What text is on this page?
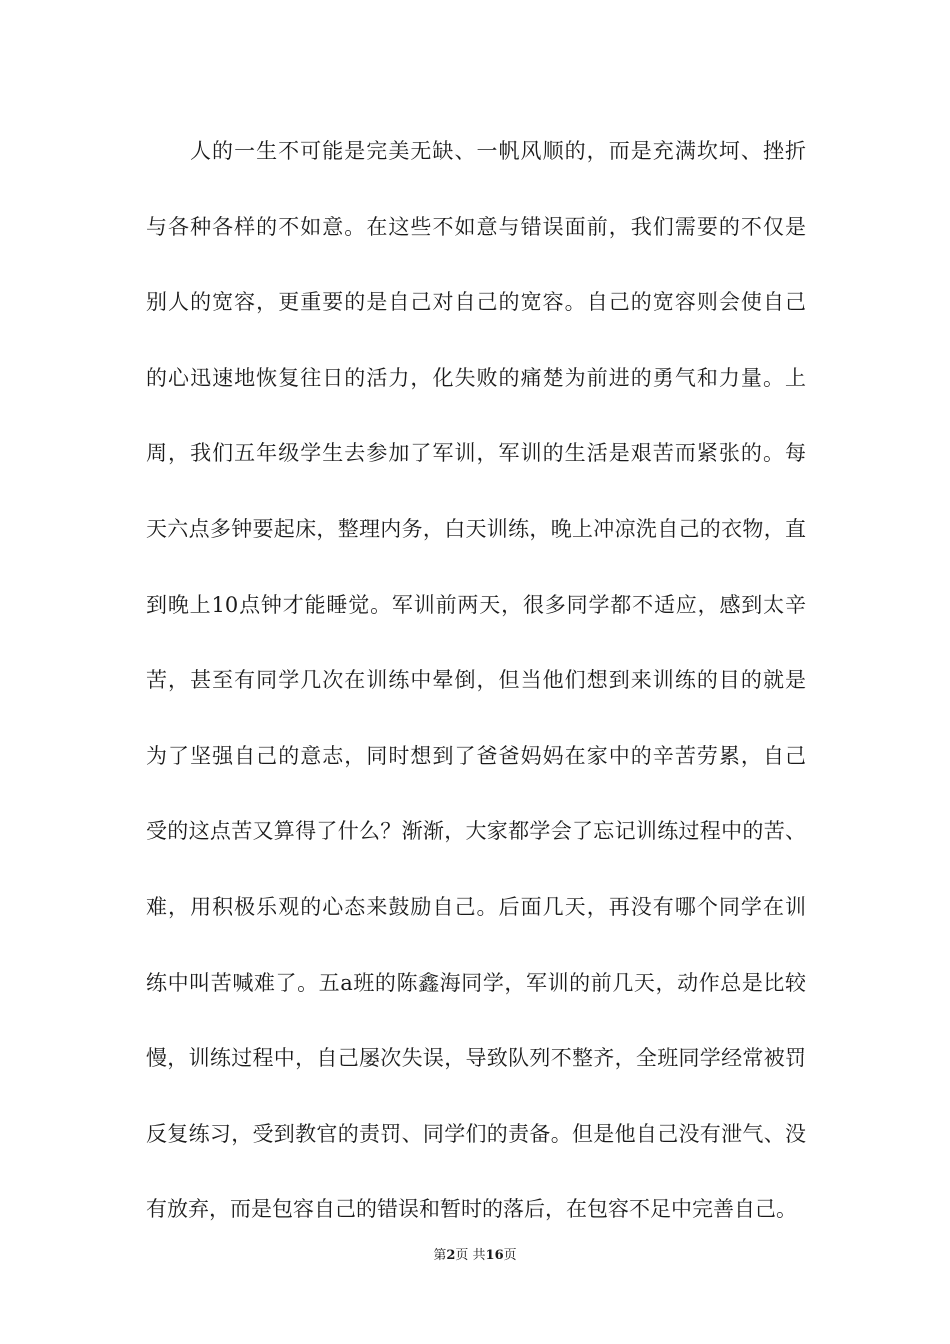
人的一生不可能是完美无缺、一帆风顺的，而是充满坎坷、挫折
与各种各样的不如意。在这些不如意与错误面前，我们需要的不仅是
别人的宽容，更重要的是自己对自己的宽容。自己的宽容则会使自己
的心迅速地恢复往日的活力，化失败的痛楚为前进的勇气和力量。上
周，我们五年级学生去参加了军训，军训的生活是艰苦而紧张的。每
天六点多钟要起床，整理内务，白天训练，晚上冲凉洗自己的衣物，直
到晚上10点钟才能睡觉。军训前两天，很多同学都不适应，感到太辛
苦，甚至有同学几次在训练中晕倒，但当他们想到来训练的目的就是
为了坚强自己的意志，同时想到了爸爸妈妈在家中的辛苦劳累，自己
受的这点苦又算得了什么？渐渐，大家都学会了忘记训练过程中的苦、
难，用积极乐观的心态来鼓励自己。后面几天，再没有哪个同学在训
练中叫苦喊难了。五a班的陈鑫海同学，军训的前几天，动作总是比较
慢，训练过程中，自己屡次失误，导致队列不整齐，全班同学经常被罚
反复练习，受到教官的责罚、同学们的责备。但是他自己没有泄气、没
有放弃，而是包容自己的错误和暂时的落后，在包容不足中完善自己。
第2页 共16页
